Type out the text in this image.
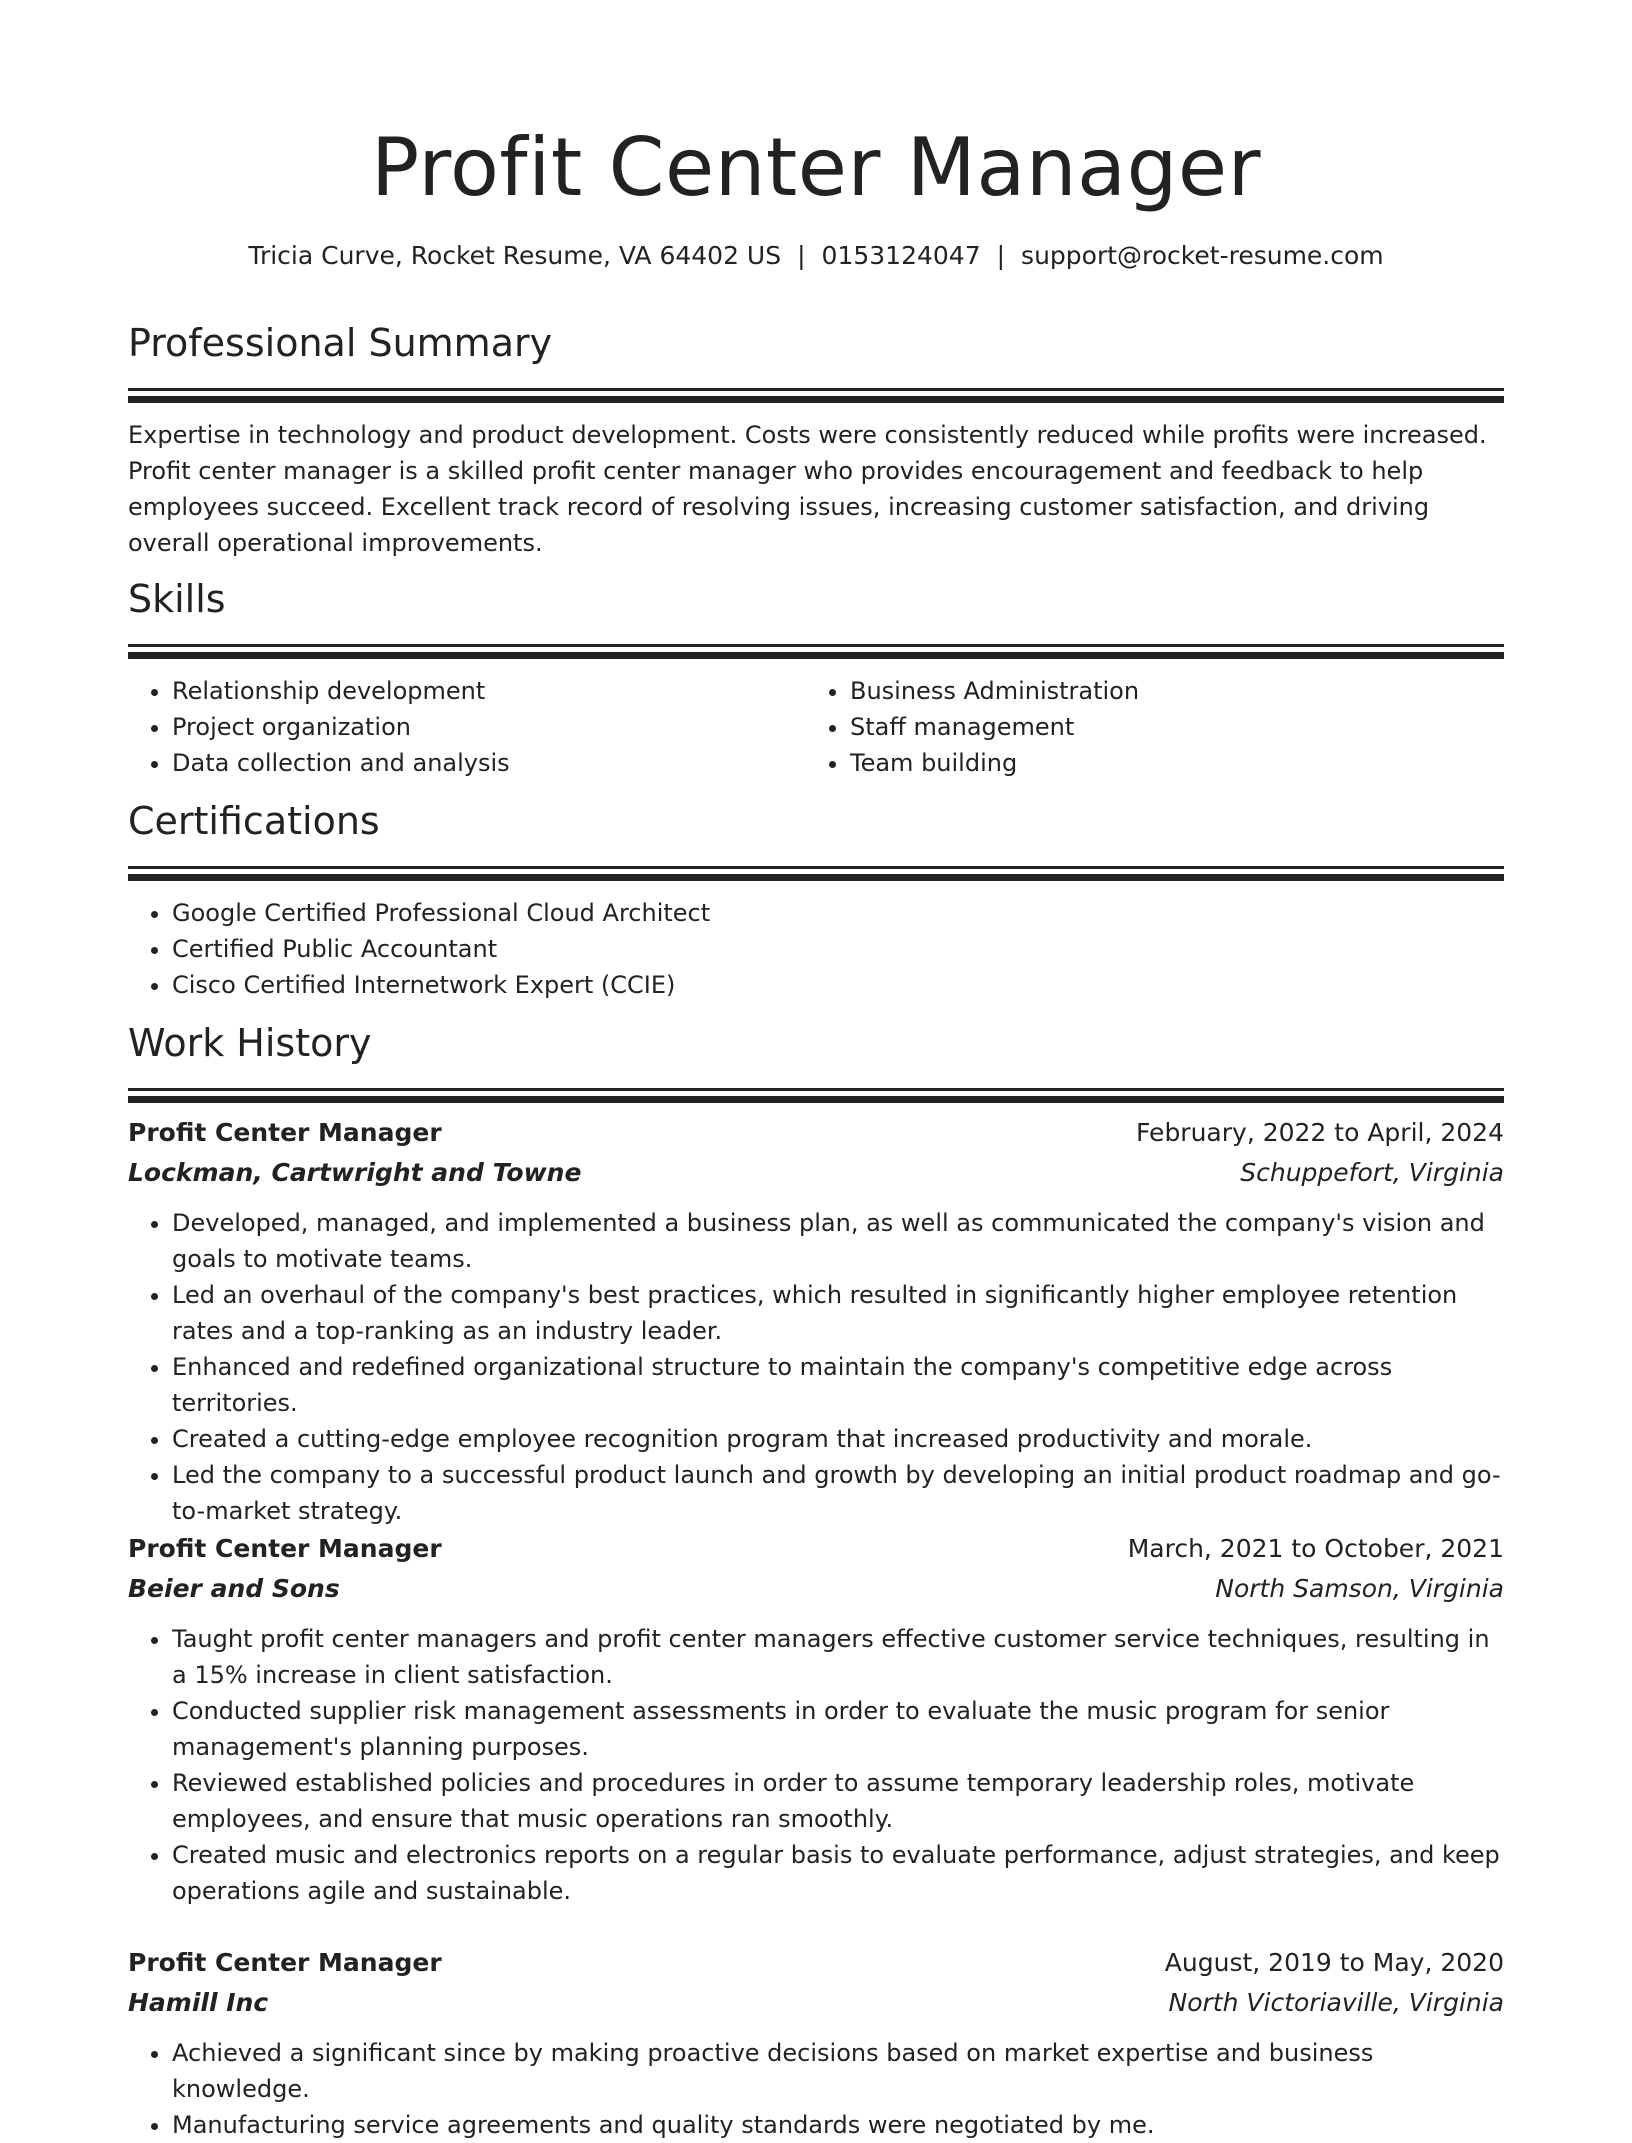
Profit Center Manager
Tricia Curve, Rocket Resume, VA 64402 US | 0153124047 | support@rocket-resume.com
Professional Summary
Expertise in technology and product development. Costs were consistently reduced while profits were increased. Profit center manager is a skilled profit center manager who provides encouragement and feedback to help employees succeed. Excellent track record of resolving issues, increasing customer satisfaction, and driving overall operational improvements.
Skills
• Relationship development
• Project organization
• Data collection and analysis
• Business Administration
• Staff management
• Team building
Certifications
• Google Certified Professional Cloud Architect
• Certified Public Accountant
• Cisco Certified Internetwork Expert (CCIE)
Work History
Profit Center Manager	February, 2022 to April, 2024
Lockman, Cartwright and Towne	Schuppefort, Virginia
• Developed, managed, and implemented a business plan, as well as communicated the company's vision and goals to motivate teams.
• Led an overhaul of the company's best practices, which resulted in significantly higher employee retention rates and a top-ranking as an industry leader.
• Enhanced and redefined organizational structure to maintain the company's competitive edge across territories.
• Created a cutting-edge employee recognition program that increased productivity and morale.
• Led the company to a successful product launch and growth by developing an initial product roadmap and go-to-market strategy.
Profit Center Manager	March, 2021 to October, 2021
Beier and Sons	North Samson, Virginia
• Taught profit center managers and profit center managers effective customer service techniques, resulting in a 15% increase in client satisfaction.
• Conducted supplier risk management assessments in order to evaluate the music program for senior management's planning purposes.
• Reviewed established policies and procedures in order to assume temporary leadership roles, motivate employees, and ensure that music operations ran smoothly.
• Created music and electronics reports on a regular basis to evaluate performance, adjust strategies, and keep operations agile and sustainable.
Profit Center Manager	August, 2019 to May, 2020
Hamill Inc	North Victoriaville, Virginia
• Achieved a significant since by making proactive decisions based on market expertise and business knowledge.
• Manufacturing service agreements and quality standards were negotiated by me.
